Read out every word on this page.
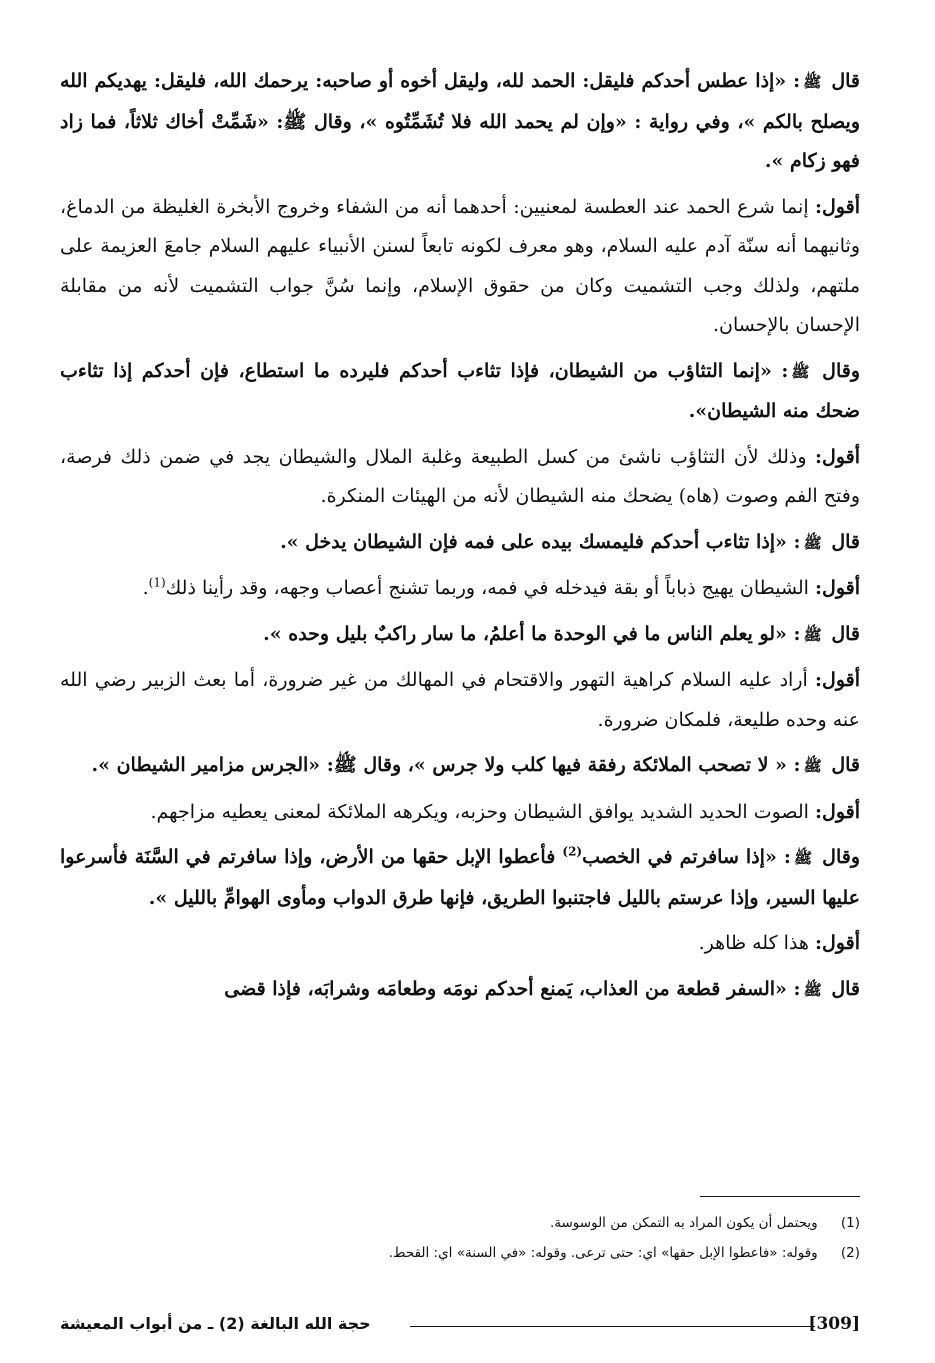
قال ﷺ: «إذا عطس أحدكم فليقل: الحمد لله، وليقل أخوه أو صاحبه: يرحمك الله، فليقل: يهديكم الله ويصلح بالكم »، وفي رواية : «وإن لم يحمد الله فلا تُشَمِّتُوه »، وقال ﷺ: «شَمِّتْ أخاك ثلاثاً، فما زاد فهو زكام ».

أقول: إنما شرع الحمد عند العطسة لمعنيين: أحدهما أنه من الشفاء وخروج الأبخرة الغليظة من الدماغ، وثانيهما أنه سنّة آدم عليه السلام، وهو معرف لكونه تابعاً لسنن الأنبياء عليهم السلام جامعَ العزيمة على ملتهم، ولذلك وجب التشميت وكان من حقوق الإسلام، وإنما سُنَّ جواب التشميت لأنه من مقابلة الإحسان بالإحسان.

وقال ﷺ: «إنما التثاؤب من الشيطان، فإذا تثاءب أحدكم فليرده ما استطاع، فإن أحدكم إذا تثاءب ضحك منه الشيطان».

أقول: وذلك لأن التثاؤب ناشئ من كسل الطبيعة وغلبة الملال والشيطان يجد في ضمن ذلك فرصة، وفتح الفم وصوت (هاه) يضحك منه الشيطان لأنه من الهيئات المنكرة.

قال ﷺ: «إذا تثاءب أحدكم فليمسك بيده على فمه فإن الشيطان يدخل ».

أقول: الشيطان يهيج ذباباً أو بقة فيدخله في فمه، وربما تشنج أعصاب وجهه، وقد رأينا ذلك$^{(1)}$.

قال ﷺ: «لو يعلم الناس ما في الوحدة ما أعلمُ، ما سار راكبٌ بليل وحده ».

أقول: أراد عليه السلام كراهية التهور والاقتحام في المهالك من غير ضرورة، أما بعث الزبير رضي الله عنه وحده طليعة، فلمكان ضرورة.

قال ﷺ: « لا تصحب الملائكة رفقة فيها كلب ولا جرس »، وقال ﷺ: «الجرس مزامير الشيطان ».

أقول: الصوت الحديد الشديد يوافق الشيطان وحزبه، ويكرهه الملائكة لمعنى يعطيه مزاجهم.

وقال ﷺ: «إذا سافرتم في الخصب$^{(2)}$ فأعطوا الإبل حقها من الأرض، وإذا سافرتم في السَّنَة فأسرعوا عليها السير، وإذا عرستم بالليل فاجتنبوا الطريق، فإنها طرق الدواب ومأوى الهوامِّ بالليل ».

أقول: هذا كله ظاهر.

قال ﷺ: «السفر قطعة من العذاب، يَمنع أحدكم نومَه وطعامَه وشرابَه، فإذا قضى

(1) ويحتمل أن يكون المراد به التمكن من الوسوسة.
(2) وقوله: «فاعطوا الإبل حقها» اي: حتى ترعى. وقوله: «في السنة» اي: القحط.
[309]
حجة الله البالغة (2) ـ من أبواب المعيشة
